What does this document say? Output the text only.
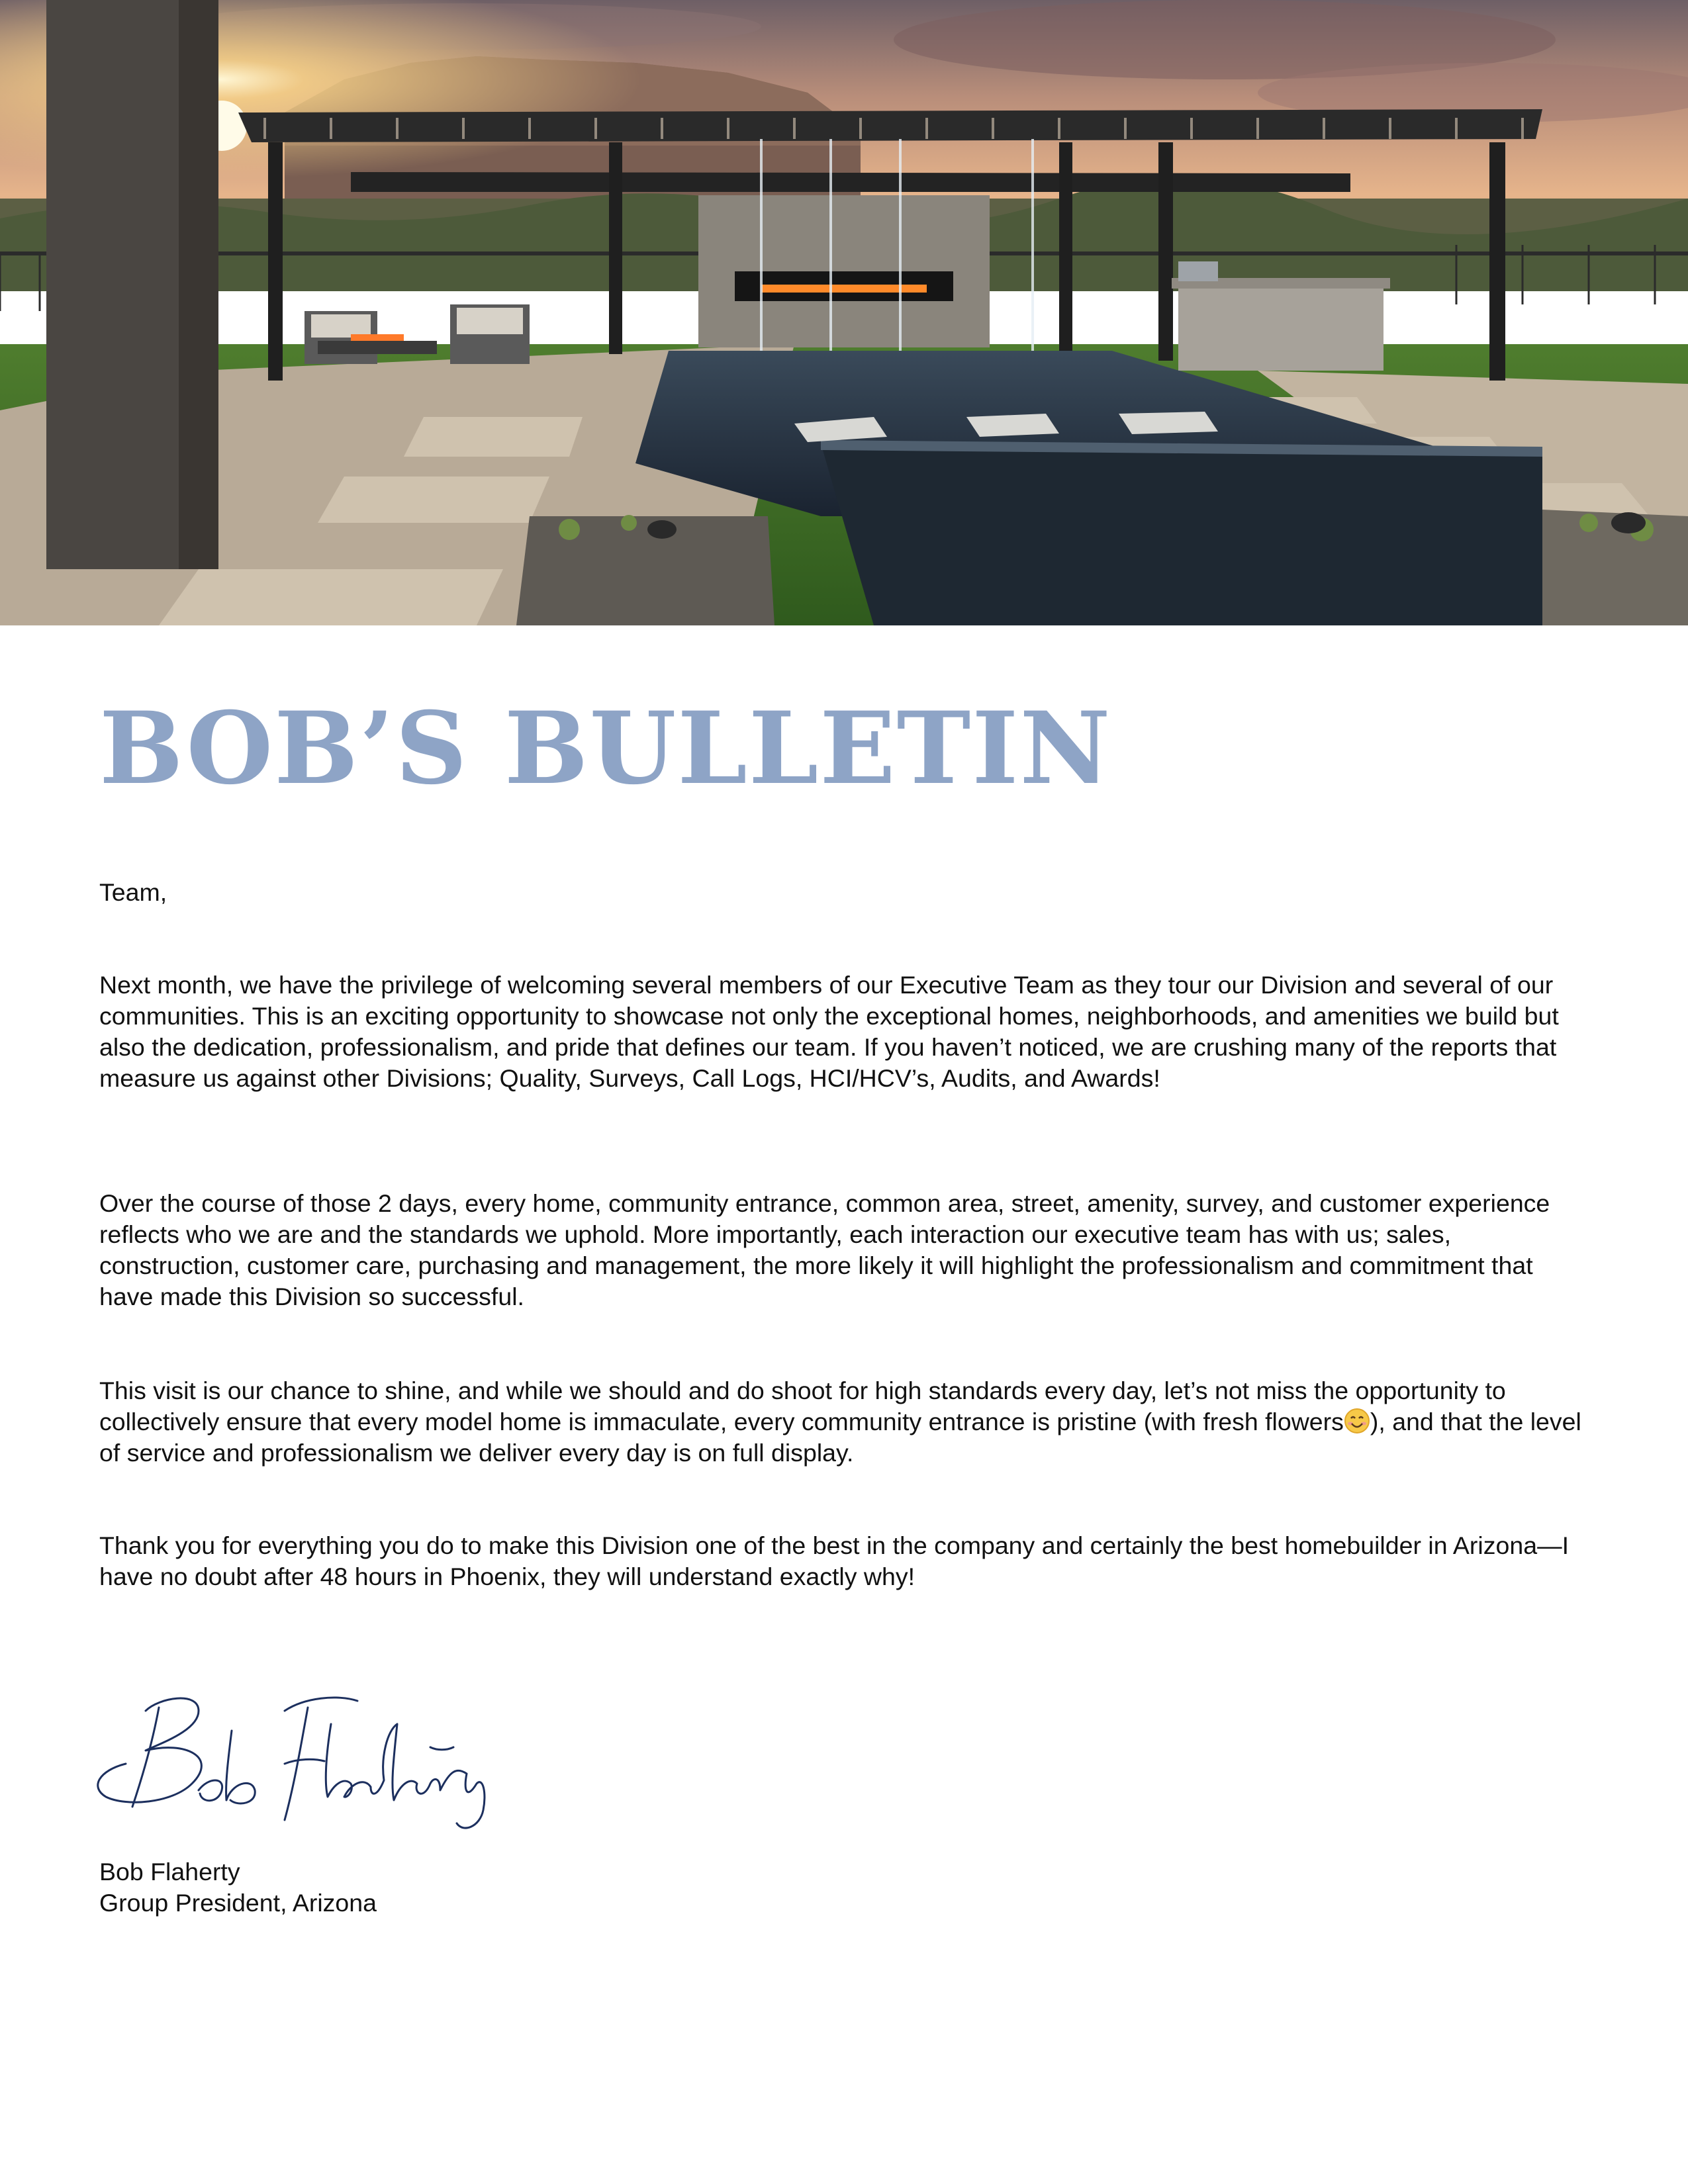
BOB’S BULLETIN

Team,

Next month, we have the privilege of welcoming several members of our Executive Team as they tour our Division and several of our communities. This is an exciting opportunity to showcase not only the exceptional homes, neighborhoods, and amenities we build but also the dedication, professionalism, and pride that defines our team. If you haven’t noticed, we are crushing many of the reports that measure us against other Divisions; Quality, Surveys, Call Logs, HCI/HCV’s, Audits, and Awards!

Over the course of those 2 days, every home, community entrance, common area, street, amenity, survey, and customer experience reflects who we are and the standards we uphold. More importantly, each interaction our executive team has with us; sales, construction, customer care, purchasing and management, the more likely it will highlight the professionalism and commitment that have made this Division so successful.

This visit is our chance to shine, and while we should and do shoot for high standards every day, let’s not miss the opportunity to collectively ensure that every model home is immaculate, every community entrance is pristine (with fresh flowers ), and that the level of service and professionalism we deliver every day is on full display.

Thank you for everything you do to make this Division one of the best in the company and certainly the best homebuilder in Arizona—I have no doubt after 48 hours in Phoenix, they will understand exactly why!

Bob Flaherty

Group President, Arizona
